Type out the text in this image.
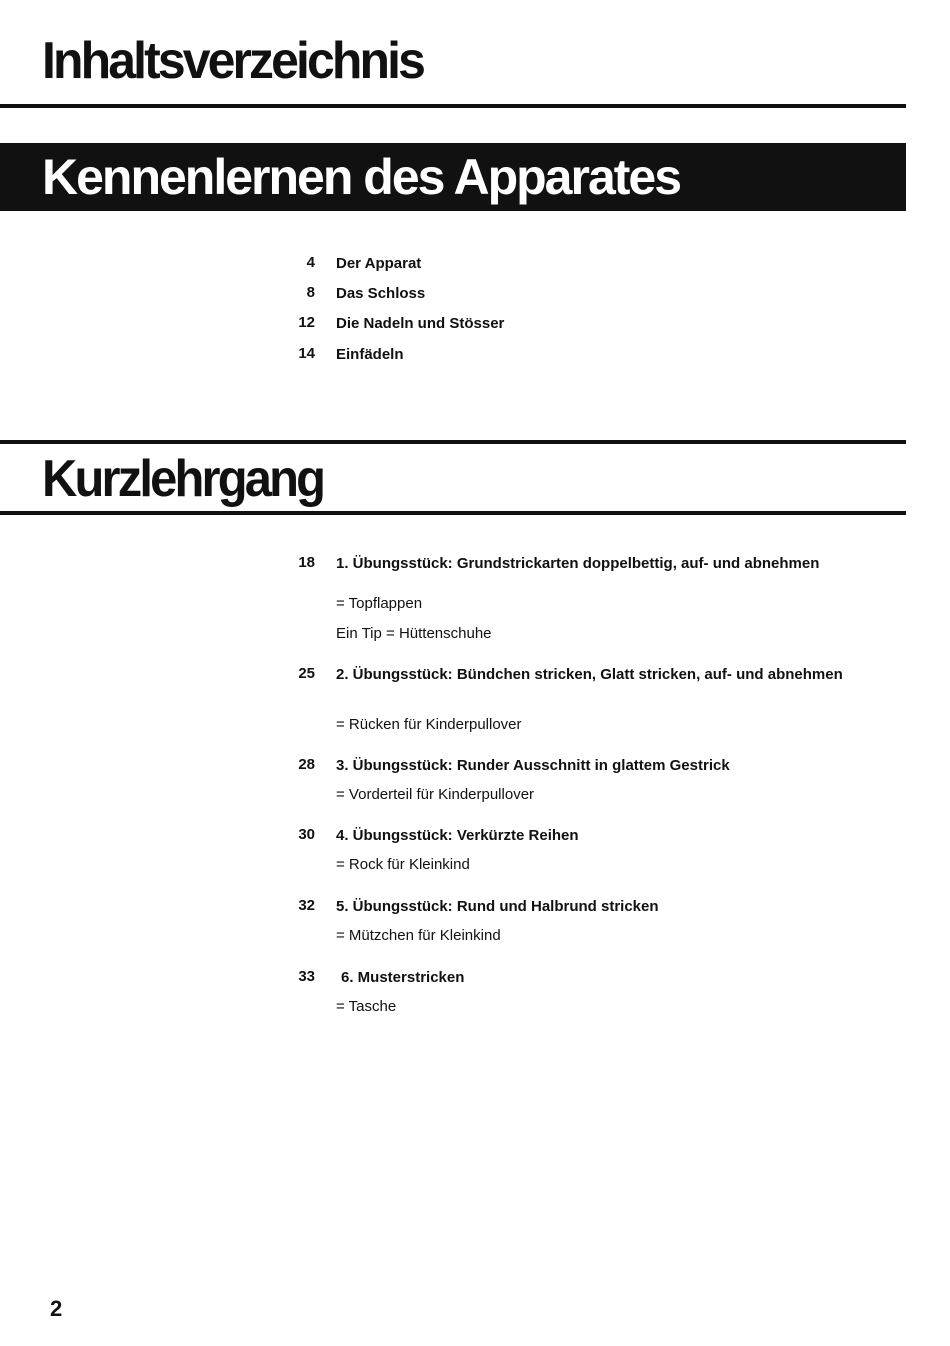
Inhaltsverzeichnis
Kennenlernen des Apparates
4 Der Apparat
8 Das Schloss
12 Die Nadeln und Stösser
14 Einfädeln
Kurzlehrgang
18 1. Übungsstück: Grundstrickarten doppelbettig, auf- und abnehmen
= Topflappen
Ein Tip = Hüttenschuhe
25 2. Übungsstück: Bündchen stricken, Glatt stricken, auf- und abnehmen
= Rücken für Kinderpullover
28 3. Übungsstück: Runder Ausschnitt in glattem Gestrick
= Vorderteil für Kinderpullover
30 4. Übungsstück: Verkürzte Reihen
= Rock für Kleinkind
32 5. Übungsstück: Rund und Halbrund stricken
= Mützchen für Kleinkind
33 6. Musterstricken
= Tasche
2
